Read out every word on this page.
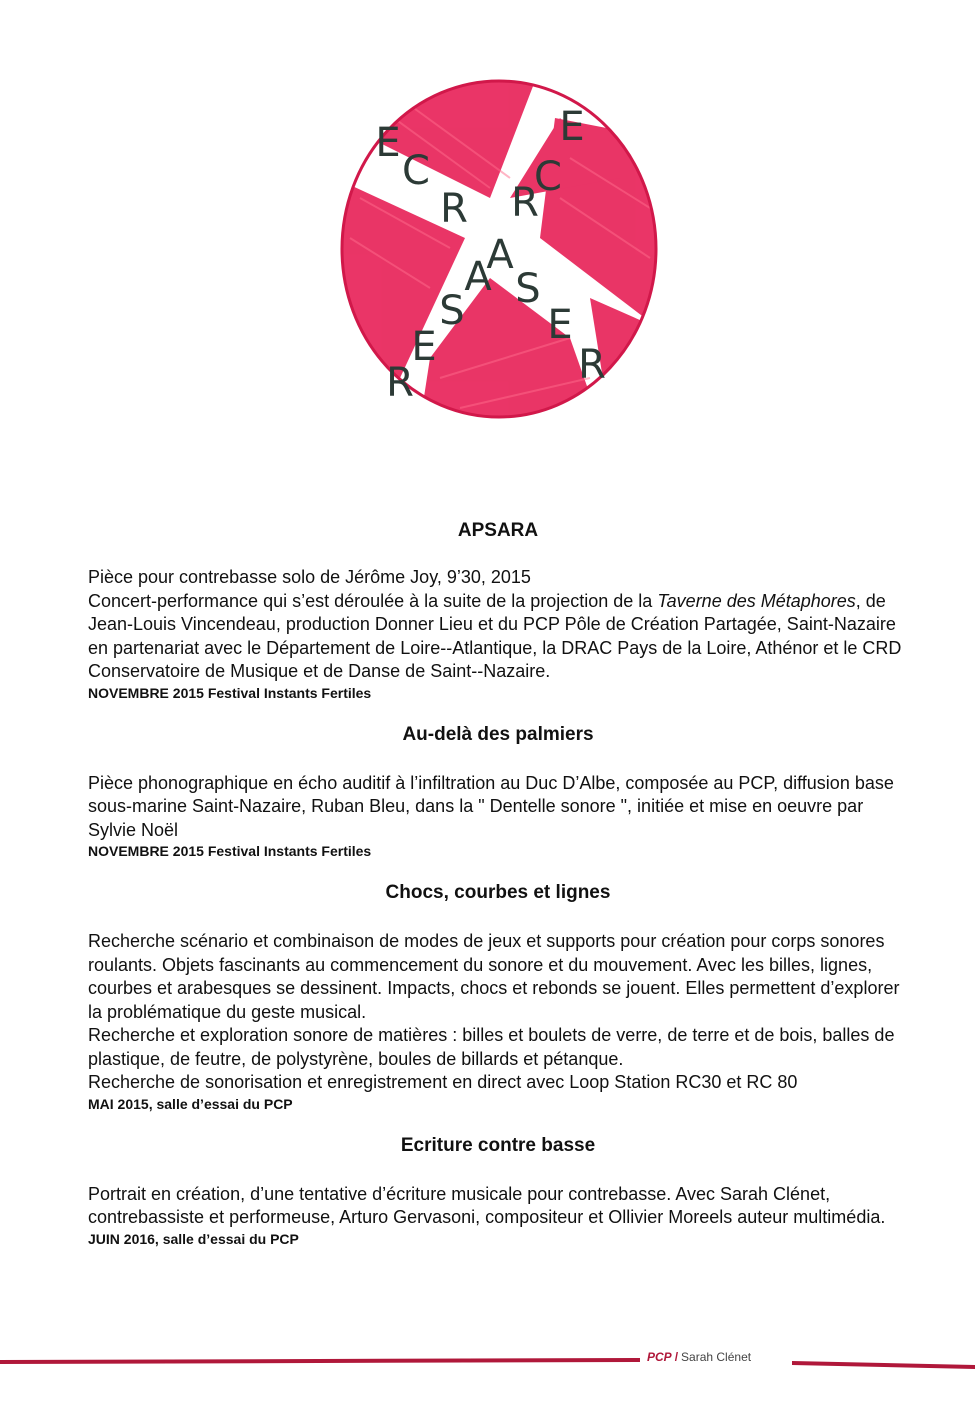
E
C
R
A
S
E
R
E
C
R
A
S
E
R
APSARA

Pièce pour contrebasse solo de Jérôme Joy, 9’30, 2015

Concert-performance qui s’est déroulée à la suite de la projection de la Taverne des Métaphores, de Jean-Louis Vincendeau, production Donner Lieu et du PCP Pôle de Création Partagée, Saint-Nazaire en partenariat avec le Département de Loire--Atlantique, la DRAC Pays de la Loire, Athénor et le CRD Conservatoire de Musique et de Danse de Saint--Nazaire.

NOVEMBRE 2015 Festival Instants Fertiles

Au-delà des palmiers

Pièce phonographique en écho auditif à l’infiltration au Duc D’Albe, composée au PCP, diffusion base sous-marine Saint-Nazaire, Ruban Bleu, dans la " Dentelle sonore ", initiée et mise en oeuvre par Sylvie Noël

NOVEMBRE 2015 Festival Instants Fertiles

Chocs, courbes et lignes

Recherche scénario et combinaison de modes de jeux et supports pour création pour corps sonores roulants. Objets fascinants au commencement du sonore et du mouvement. Avec les billes, lignes, courbes et arabesques se dessinent. Impacts, chocs et rebonds se jouent. Elles permettent d’explorer la problématique du geste musical.

Recherche et exploration sonore de matières : billes et boulets de verre, de terre et de bois, balles de plastique, de feutre, de polystyrène, boules de billards et pétanque.

Recherche de sonorisation et enregistrement en direct avec Loop Station RC30 et RC 80

MAI 2015, salle d’essai du PCP

Ecriture contre basse

Portrait en création, d’une tentative d’écriture musicale pour contrebasse. Avec Sarah Clénet, contrebassiste et performeuse, Arturo Gervasoni, compositeur et Ollivier Moreels auteur multimédia.

JUIN 2016, salle d’essai du PCP

PCP / Sarah Clénet
